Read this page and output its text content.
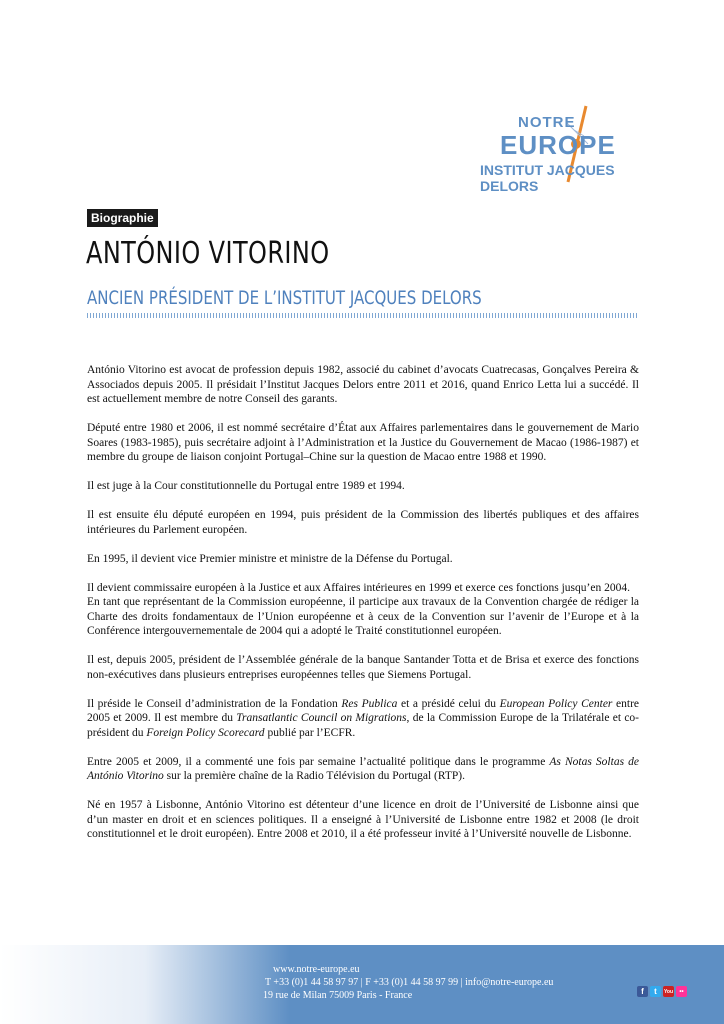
NOTRE
EUROPE
INSTITUT JACQUES DELORS
Biographie
ANTÓNIO VITORINO
ANCIEN PRÉSIDENT DE L’INSTITUT JACQUES DELORS

António Vitorino est avocat de profession depuis 1982, associé du cabinet d’avocats Cuatrecasas, Gonçalves Pereira & Associados depuis 2005. Il présidait l’Institut Jacques Delors entre 2011 et 2016, quand Enrico Letta lui a succédé. Il est actuellement membre de notre Conseil des garants.

Député entre 1980 et 2006, il est nommé secrétaire d’État aux Affaires parlementaires dans le gouvernement de Mario Soares (1983-1985), puis secrétaire adjoint à l’Administration et la Justice du Gouvernement de Macao (1986-1987) et membre du groupe de liaison conjoint Portugal–Chine sur la question de Macao entre 1988 et 1990.

Il est juge à la Cour constitutionnelle du Portugal entre 1989 et 1994.

Il est ensuite élu député européen en 1994, puis président de la Commission des libertés publiques et des affaires intérieures du Parlement européen.

En 1995, il devient vice Premier ministre et ministre de la Défense du Portugal.

Il devient commissaire européen à la Justice et aux Affaires intérieures en 1999 et exerce ces fonctions jusqu’en 2004.

En tant que représentant de la Commission européenne, il participe aux travaux de la Convention chargée de rédiger la Charte des droits fondamentaux de l’Union européenne et à ceux de la Convention sur l’avenir de l’Europe et à la Conférence intergouvernementale de 2004 qui a adopté le Traité constitutionnel européen.

Il est, depuis 2005, président de l’Assemblée générale de la banque Santander Totta et de Brisa et exerce des fonctions non-exécutives dans plusieurs entreprises européennes telles que Siemens Portugal.

Il préside le Conseil d’administration de la Fondation Res Publica et a présidé celui du European Policy Center entre 2005 et 2009. Il est membre du Transatlantic Council on Migrations, de la Commission Europe de la Trilatérale et co-président du Foreign Policy Scorecard publié par l’ECFR.

Entre 2005 et 2009, il a commenté une fois par semaine l’actualité politique dans le programme As Notas Soltas de António Vitorino sur la première chaîne de la Radio Télévision du Portugal (RTP).

Né en 1957 à Lisbonne, António Vitorino est détenteur d’une licence en droit de l’Université de Lisbonne ainsi que d’un master en droit et en sciences politiques. Il a enseigné à l’Université de Lisbonne entre 1982 et 2008 (le droit constitutionnel et le droit européen). Entre 2008 et 2010, il a été professeur invité à l’Université nouvelle de Lisbonne.

www.notre-europe.eu
T +33 (0)1 44 58 97 97 | F +33 (0)1 44 58 97 99 | info@notre-europe.eu
19 rue de Milan 75009 Paris - France	f	t	You	••
